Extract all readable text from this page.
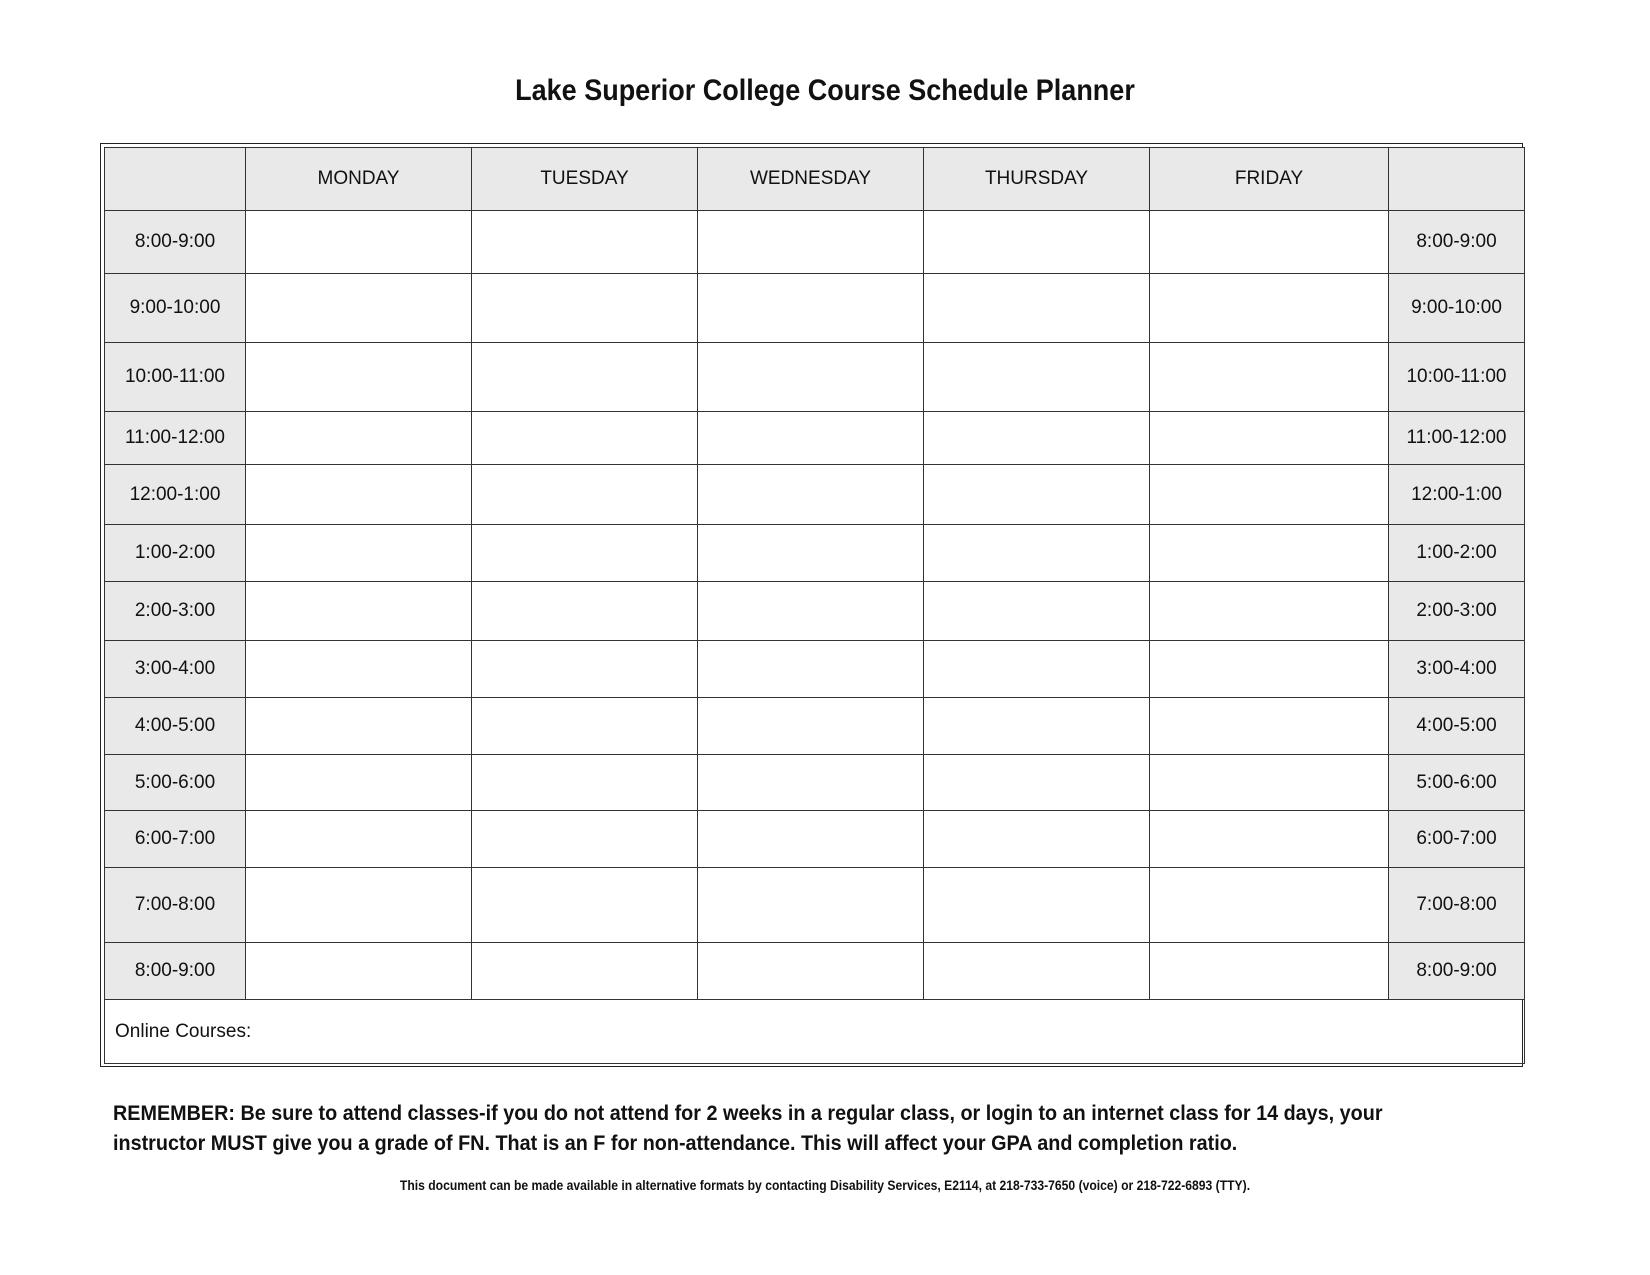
Lake Superior College Course Schedule Planner
	MONDAY	TUESDAY	WEDNESDAY	THURSDAY	FRIDAY	
8:00-9:00						8:00-9:00
9:00-10:00						9:00-10:00
10:00-11:00						10:00-11:00
11:00-12:00						11:00-12:00
12:00-1:00						12:00-1:00
1:00-2:00						1:00-2:00
2:00-3:00						2:00-3:00
3:00-4:00						3:00-4:00
4:00-5:00						4:00-5:00
5:00-6:00						5:00-6:00
6:00-7:00						6:00-7:00
7:00-8:00						7:00-8:00
8:00-9:00						8:00-9:00
Online Courses:						
REMEMBER: Be sure to attend classes-if you do not attend for 2 weeks in a regular class, or login to an internet class for 14 days, your instructor MUST give you a grade of FN. That is an F for non-attendance. This will affect your GPA and completion ratio.
This document can be made available in alternative formats by contacting Disability Services, E2114, at 218-733-7650 (voice) or 218-722-6893 (TTY).
